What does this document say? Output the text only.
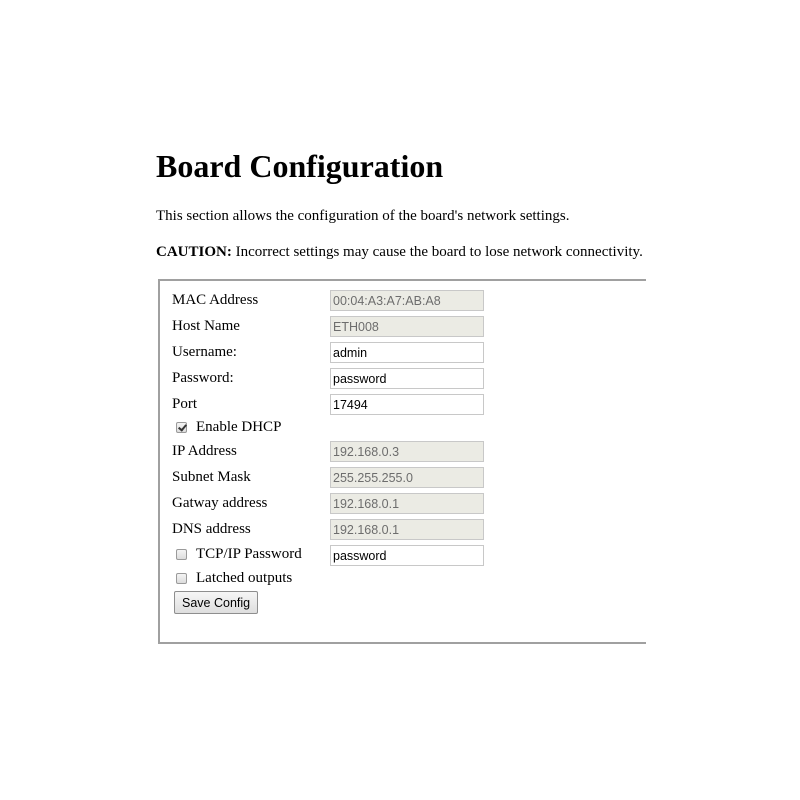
Board Configuration

This section allows the configuration of the board's network settings.

CAUTION: Incorrect settings may cause the board to lose network connectivity.

MAC Address
00:04:A3:A7:AB:A8
Host Name
ETH008
Username:
admin
Password:
password
Port
17494
Enable DHCP
IP Address
192.168.0.3
Subnet Mask
255.255.255.0
Gatway address
192.168.0.1
DNS address
192.168.0.1
TCP/IP Password
password
Latched outputs
Save Config
